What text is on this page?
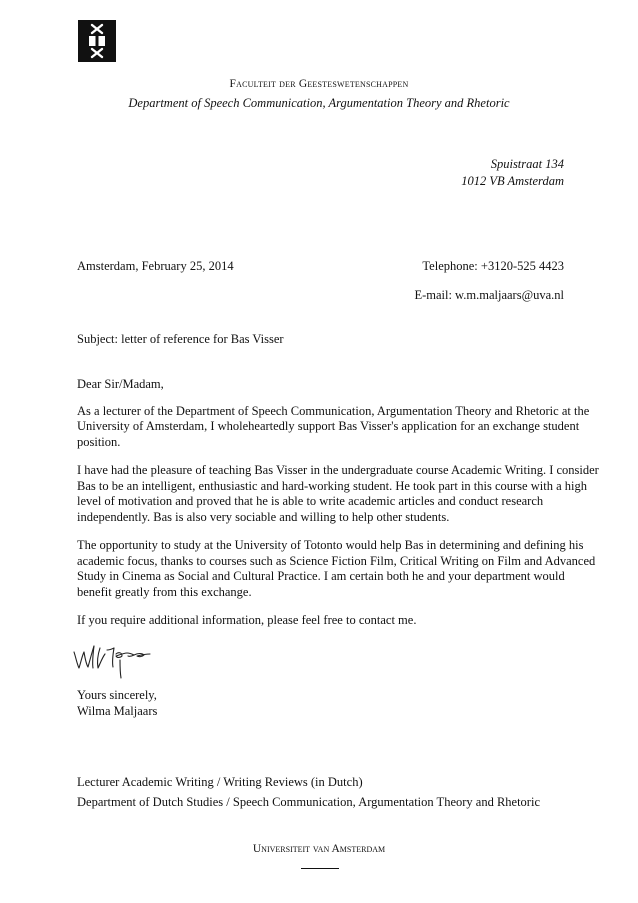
Faculteit der Geesteswetenschappen
Department of Speech Communication, Argumentation Theory and Rhetoric
Spuistraat 134
1012 VB Amsterdam
Amsterdam, February 25, 2014	Telephone: +3120-525 4423
E-mail: w.m.maljaars@uva.nl
Subject: letter of reference for Bas Visser

Dear Sir/Madam,

As a lecturer of the Department of Speech Communication, Argumentation Theory and Rhetoric at the University of Amsterdam, I wholeheartedly support Bas Visser's application for an exchange student position.

I have had the pleasure of teaching Bas Visser in the undergraduate course Academic Writing. I consider Bas to be an intelligent, enthusiastic and hard-working student. He took part in this course with a high level of motivation and proved that he is able to write academic articles and conduct research independently. Bas is also very sociable and willing to help other students.

The opportunity to study at the University of Totonto would help Bas in determining and defining his academic focus, thanks to courses such as Science Fiction Film, Critical Writing on Film and Advanced Study in Cinema as Social and Cultural Practice. I am certain both he and your department would benefit greatly from this exchange.

If you require additional information, please feel free to contact me.

Yours sincerely,
Wilma Maljaars
Lecturer Academic Writing / Writing Reviews (in Dutch)
Department of Dutch Studies / Speech Communication, Argumentation Theory and Rhetoric
Universiteit van Amsterdam
